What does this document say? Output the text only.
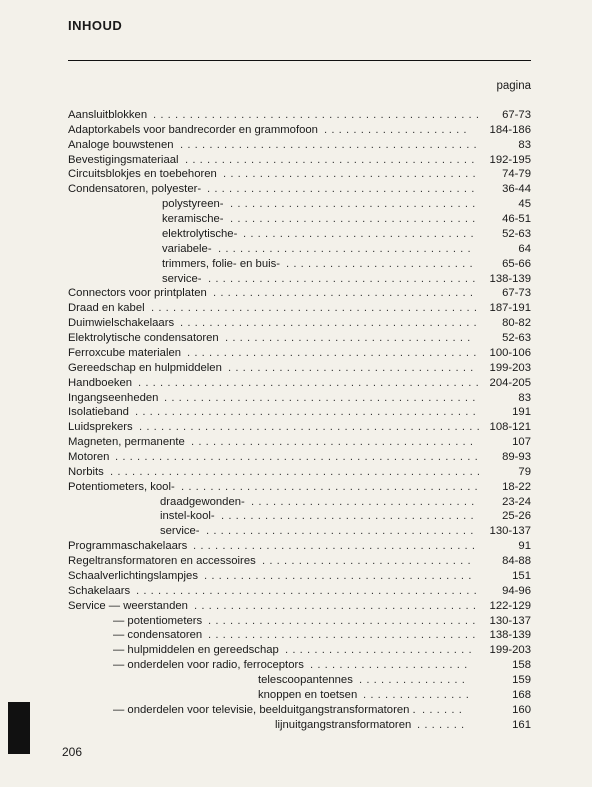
INHOUD
pagina
Aansluitblokken ............................................. 67-73
Adaptorkabels voor bandrecorder en grammofoon .................... 184-186
Analoge bouwstenen .........................................	83
Bevestigingsmateriaal ........................................ 192-195
Circuitsblokjes en toebehoren ................................... 74-79
Condensatoren, polyester- ..................................... 36-44
polystyreen- ..................................	45
keramische- .................................. 46-51
elektrolytische- ................................ 52-63
variabele- ...................................	64
trimmers, folie- en buis- .......................... 65-66
service- ..................................... 138-139
Connectors voor printplaten .................................... 67-73
Draad en kabel ............................................. 187-191
Duimwielschakelaars ......................................... 80-82
Elektrolytische condensatoren .................................. 52-63
Ferroxcube materialen ........................................ 100-106
Gereedschap en hulpmiddelen .................................. 199-203
Handboeken ............................................... 204-205
Ingangseenheden ...........................................	83
Isolatieband ...............................................	191
Luidsprekers ............................................... 108-121
Magneten, permanente .......................................	107
Motoren .................................................. 89-93
Norbits ...................................................	79
Potentiometers, kool- ......................................... 18-22
draadgewonden- ............................... 23-24
instel-kool- ................................... 25-26
service- ..................................... 130-137
Programmaschakelaars .......................................	91
Regeltransformatoren en accessoires ............................. 84-88
Schaalverlichtingslampjes .....................................	151
Schakelaars ............................................... 94-96
Service — weerstanden ....................................... 122-129
— potentiometers ..................................... 130-137
— condensatoren ..................................... 138-139
— hulpmiddelen en gereedschap .......................... 199-203
— onderdelen voor radio, ferroceptors ......................	158
telescoopantennes ...............	159
knoppen en toetsen ...............	168
— onderdelen voor televisie, beelduitgangstransformatoren . ......	160
lijnuitgangstransformatoren .......	161
206
